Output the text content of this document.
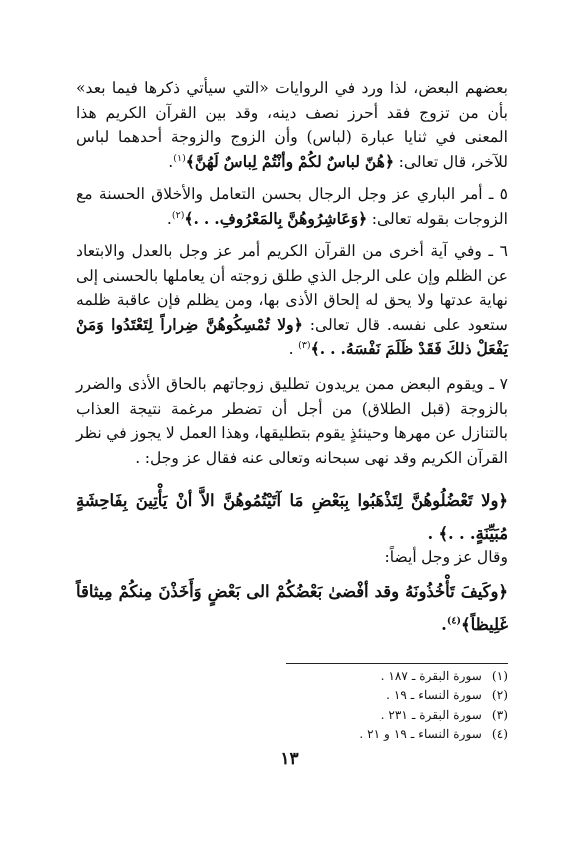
بعضهم البعض، لذا ورد في الروايات «التي سيأتي ذكرها فيما بعد» بأن من تزوج فقد أحرز نصف دينه، وقد بين القرآن الكريم هذا المعنى في ثنايا عبارة (لباس) وأن الزوج والزوجة أحدهما لباس للآخر، قال تعالى: ﴿هُنّ لباسٌ لكُمْ وأنْتُمْ لِباسٌ لَهُنَّ﴾$^{(١)}$.

٥ ـ أمر الباري عز وجل الرجال بحسن التعامل والأخلاق الحسنة مع الزوجات بقوله تعالى: ﴿وَعَاشِرُوهُنَّ بِالمَعْرُوفِ. . .﴾$^{(٢)}$.

٦ ـ وفي آية أخرى من القرآن الكريم أمر عز وجل بالعدل والابتعاد عن الظلم وإن على الرجل الذي طلق زوجته أن يعاملها بالحسنى إلى نهاية عدتها ولا يحق له إلحاق الأذى بها، ومن يظلم فإن عاقبة ظلمه ستعود على نفسه. قال تعالى: ﴿ولا تُمْسِكُوهُنَّ ضِراراً لِتَعْتَدُوا وَمَنْ يَفْعَلْ ذلكَ فَقَدْ ظَلَمَ نَفْسَهُ. . .﴾$^{(٣)}$ .

٧ ـ ويقوم البعض ممن يريدون تطليق زوجاتهم بالحاق الأذى والضرر بالزوجة (قبل الطلاق) من أجل أن تضطر مرغمة نتيجة العذاب بالتنازل عن مهرها وحينئذٍ يقوم بتطليقها، وهذا العمل لا يجوز في نظر القرآن الكريم وقد نهى سبحانه وتعالى عنه فقال عز وجل: .

﴿ولا تَعْضُلُوهُنَّ لِتَذْهَبُوا بِبَعْضِ مَا آتَيْتُمُوهُنَّ الاَّ أنْ يَأْتِينَ بِفَاحِشَةٍ مُبَيِّنَةٍ. . .﴾ .

وقال عز وجل أيضاً:

﴿وكَيفَ تَأْخُذُونَهُ وقد أفْضىٰ بَعْضُكُمْ الى بَعْضٍ وَأَخَذْنَ مِنكُمْ مِيثاقاً غَلِيظاً﴾$^{(٤)}$.

(١)سورة البقرة ـ ١٨٧ .
(٢)سورة النساء ـ ١٩ .
(٣)سورة البقرة ـ ٢٣١ .
(٤)سورة النساء ـ ١٩ و ٢١ .
١٣
